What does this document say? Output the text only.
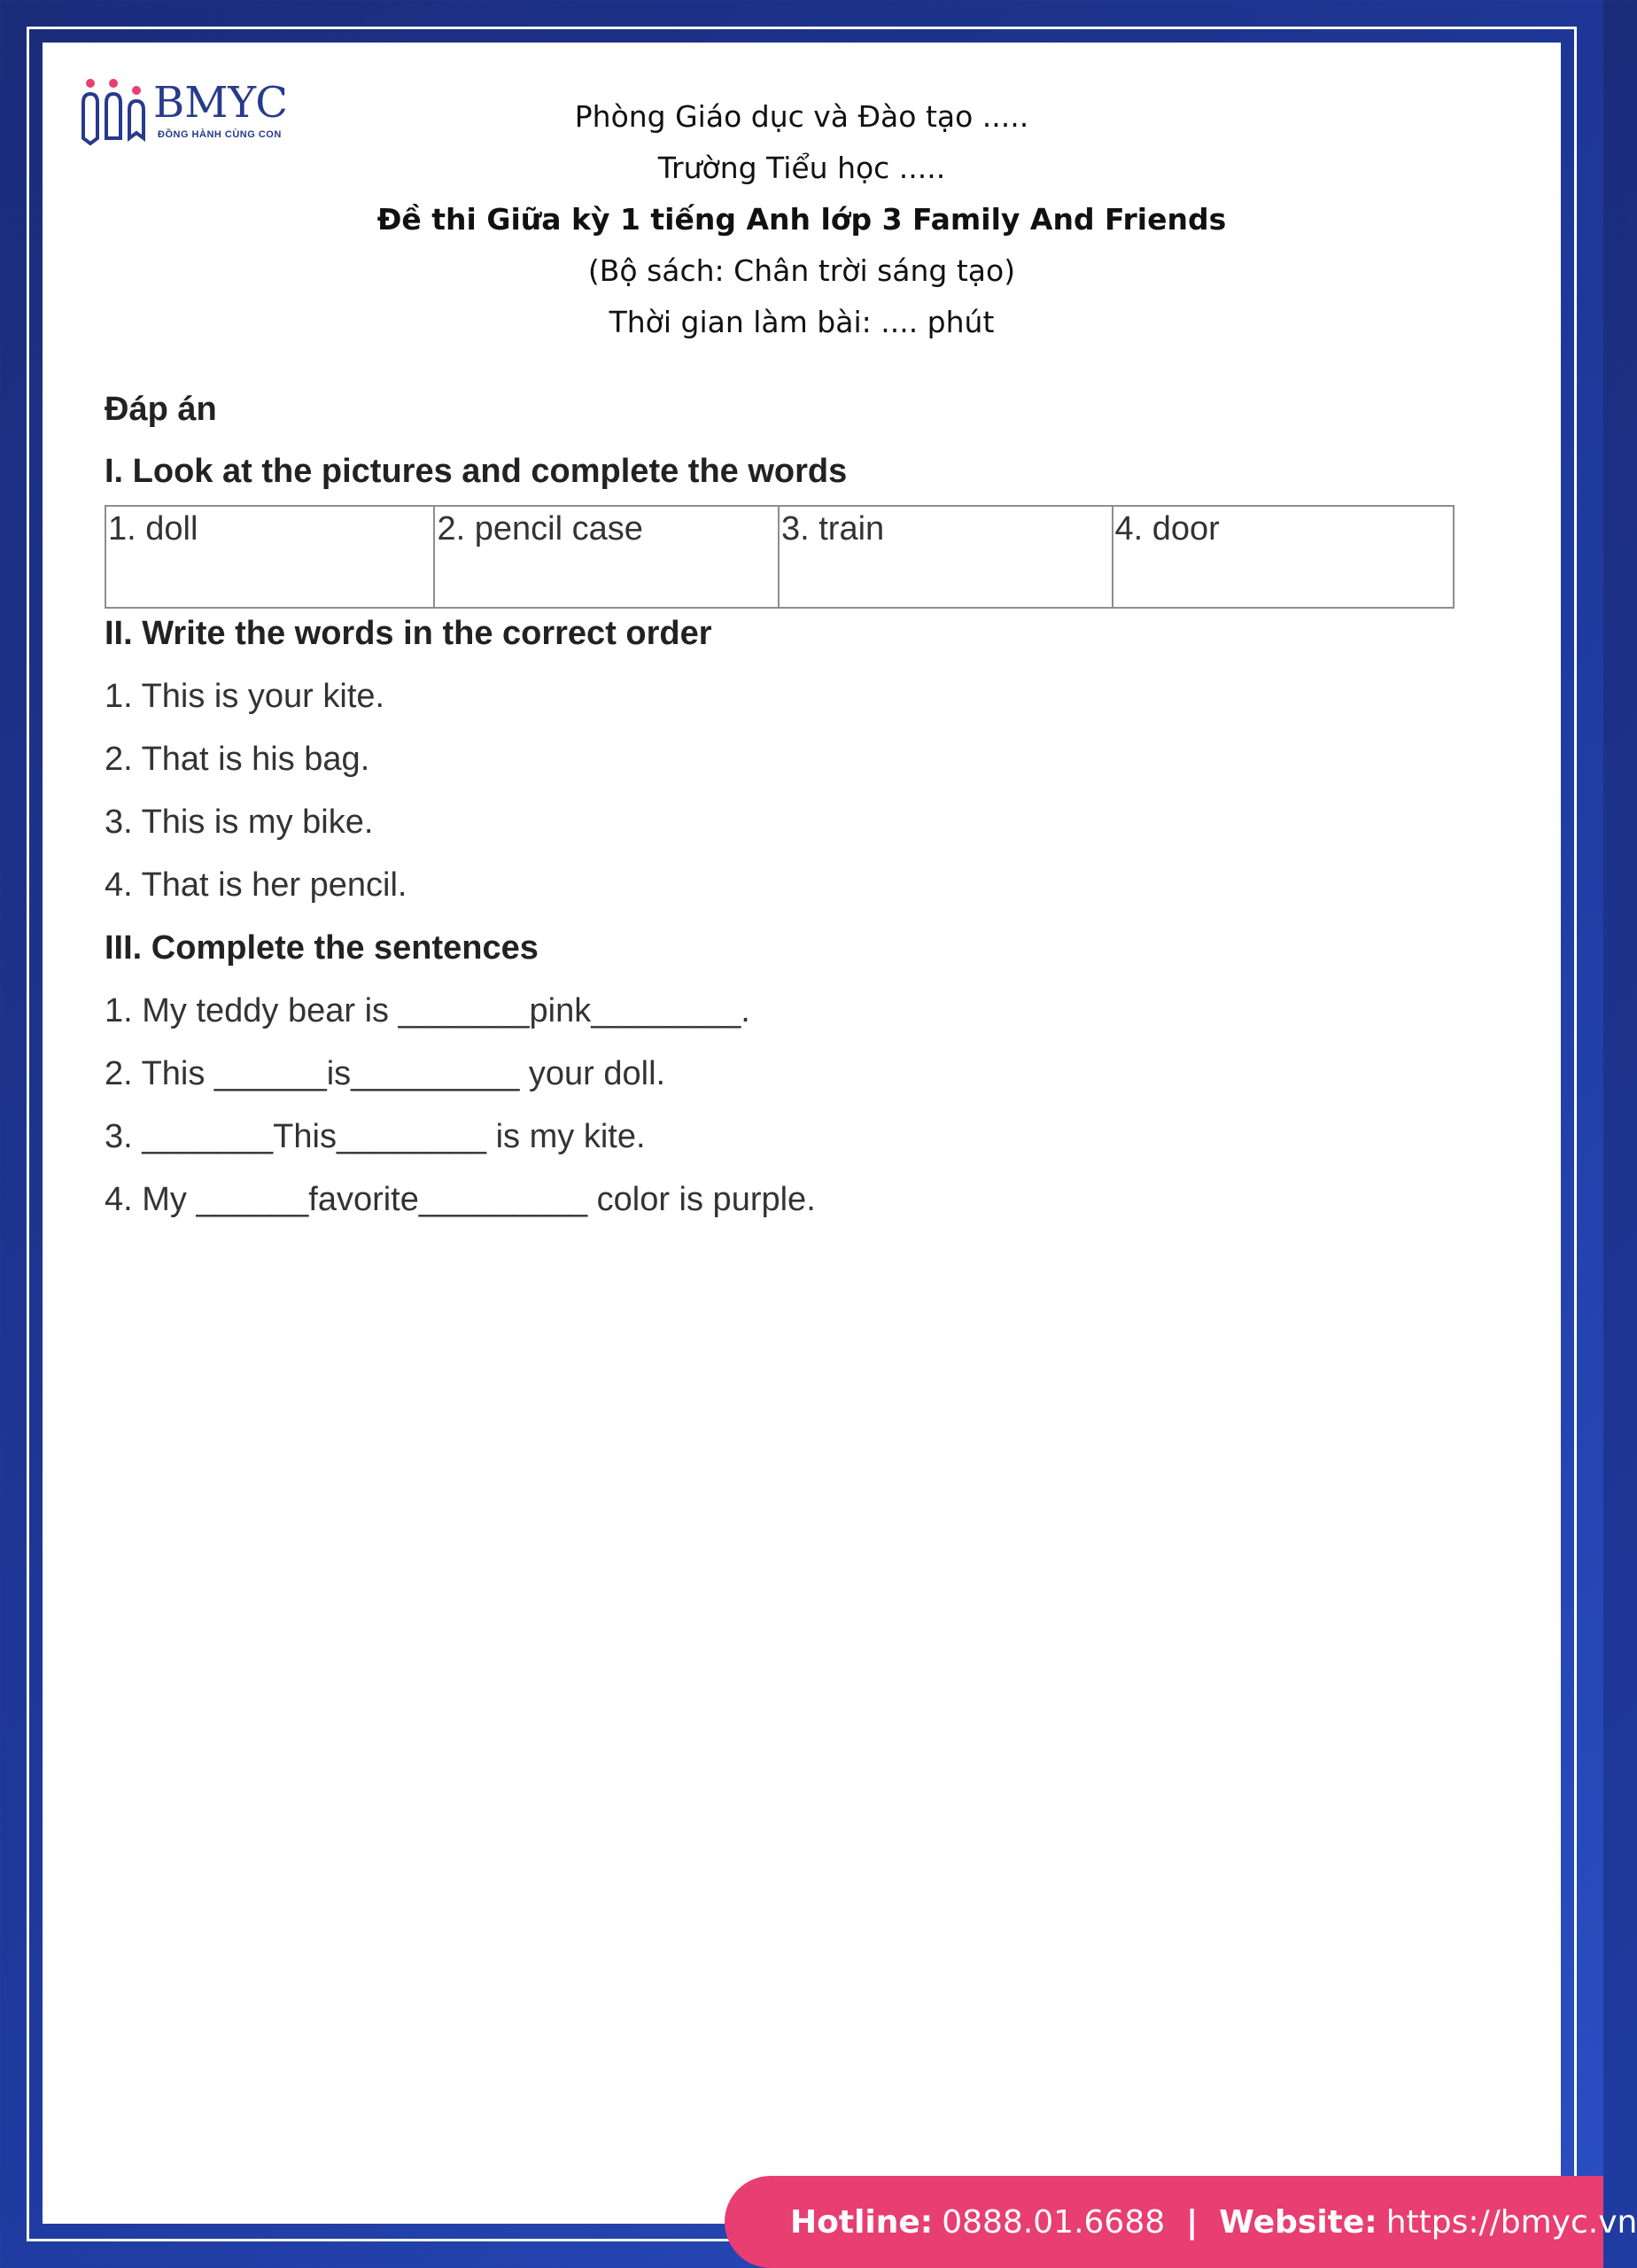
BMYC
ĐỒNG HÀNH CÙNG CON
Phòng Giáo dục và Đào tạo .....
Trường Tiểu học .....
Đề thi Giữa kỳ 1 tiếng Anh lớp 3 Family And Friends
(Bộ sách: Chân trời sáng tạo)
Thời gian làm bài: .... phút
Đáp án
I. Look at the pictures and complete the words
1. doll	2. pencil case	3. train	4. door
II. Write the words in the correct order
1. This is your kite.
2. That is his bag.
3. This is my bike.
4. That is her pencil.
III. Complete the sentences
1. My teddy bear is _______pink________.
2. This ______is_________ your doll.
3. _______This________ is my kite.
4. My ______favorite_________ color is purple.
Hotline: 0888.01.6688 | Website: https://bmyc.vn
